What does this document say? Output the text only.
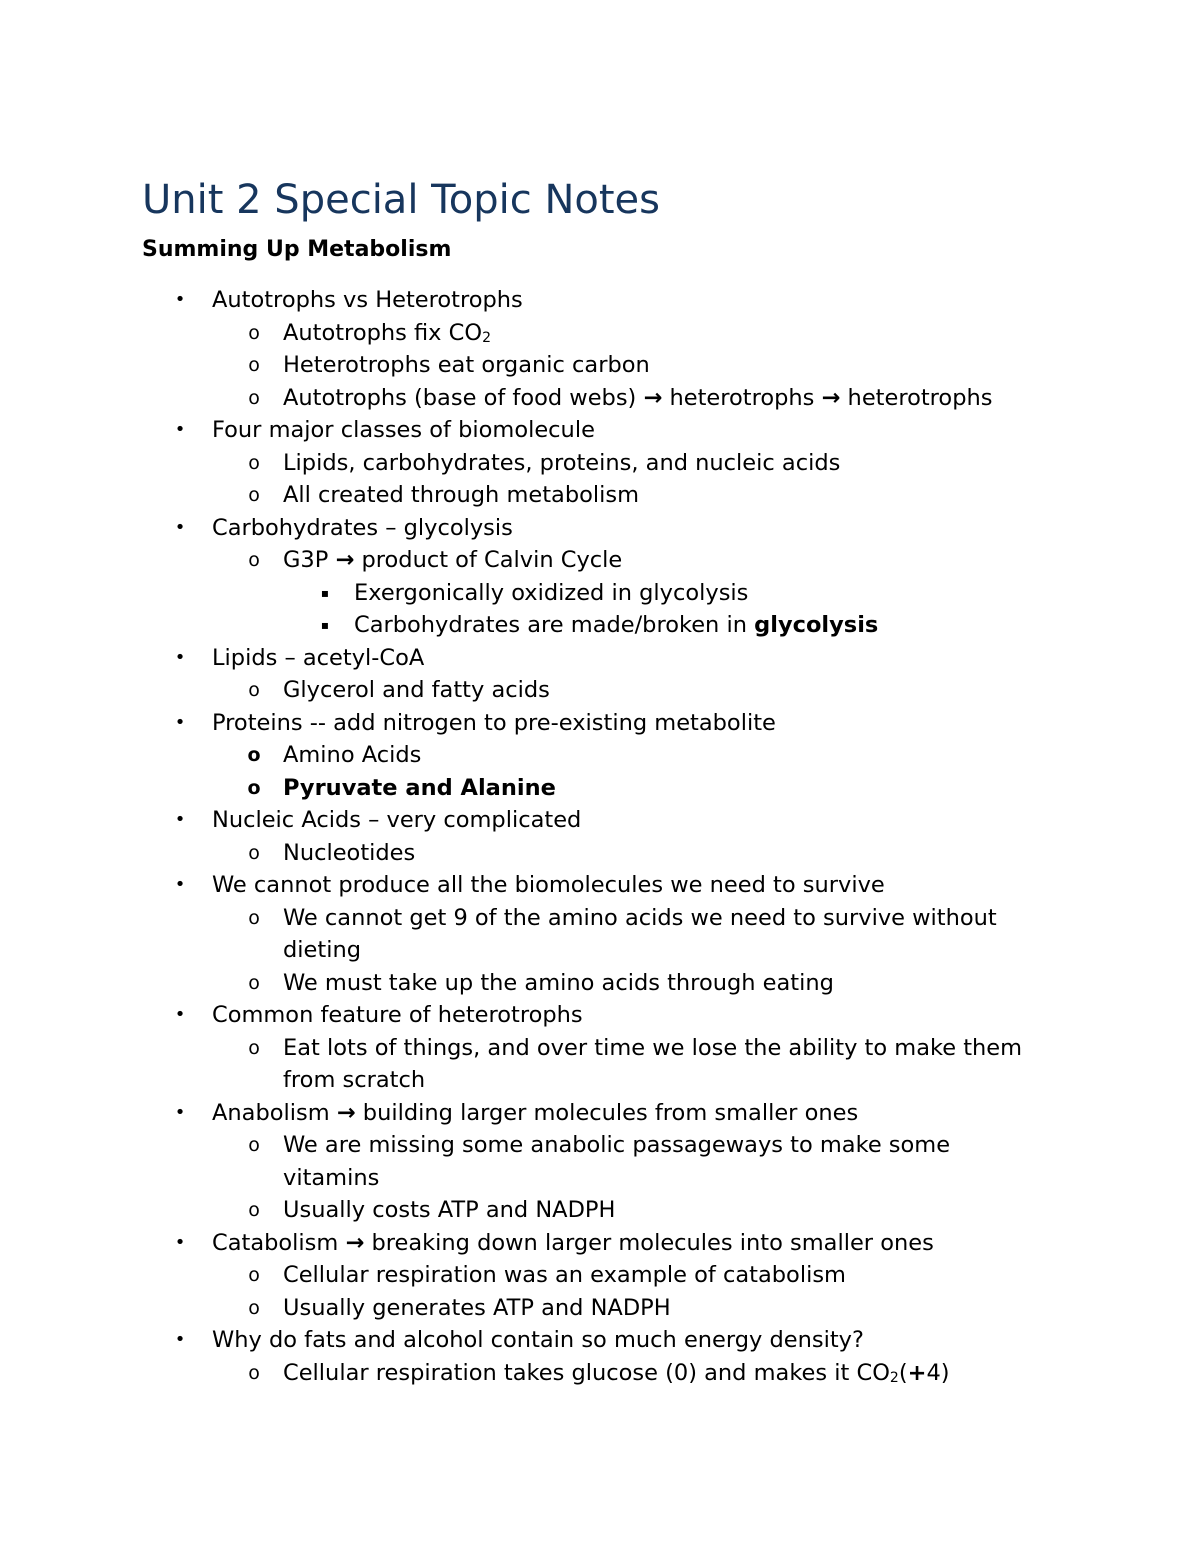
Unit 2 Special Topic Notes
Summing Up Metabolism
• Autotrophs vs Heterotrophs
o Autotrophs fix $CO_2$
o Heterotrophs eat organic carbon
o Autotrophs (base of food webs) → heterotrophs → heterotrophs
• Four major classes of biomolecule
o Lipids, carbohydrates, proteins, and nucleic acids
o All created through metabolism
• Carbohydrates – glycolysis
o G3P → product of Calvin Cycle
▪ Exergonically oxidized in glycolysis
▪ Carbohydrates are made/broken in glycolysis
• Lipids – acetyl-CoA
o Glycerol and fatty acids
• Proteins -- add nitrogen to pre-existing metabolite
o Amino Acids
o Pyruvate and Alanine
• Nucleic Acids – very complicated
o Nucleotides
• We cannot produce all the biomolecules we need to survive
o We cannot get 9 of the amino acids we need to survive without
dieting
o We must take up the amino acids through eating
• Common feature of heterotrophs
o Eat lots of things, and over time we lose the ability to make them
from scratch
• Anabolism → building larger molecules from smaller ones
o We are missing some anabolic passageways to make some
vitamins
o Usually costs ATP and NADPH
• Catabolism → breaking down larger molecules into smaller ones
o Cellular respiration was an example of catabolism
o Usually generates ATP and NADPH
• Why do fats and alcohol contain so much energy density?
o Cellular respiration takes glucose (0) and makes it $CO_2(+4)$
